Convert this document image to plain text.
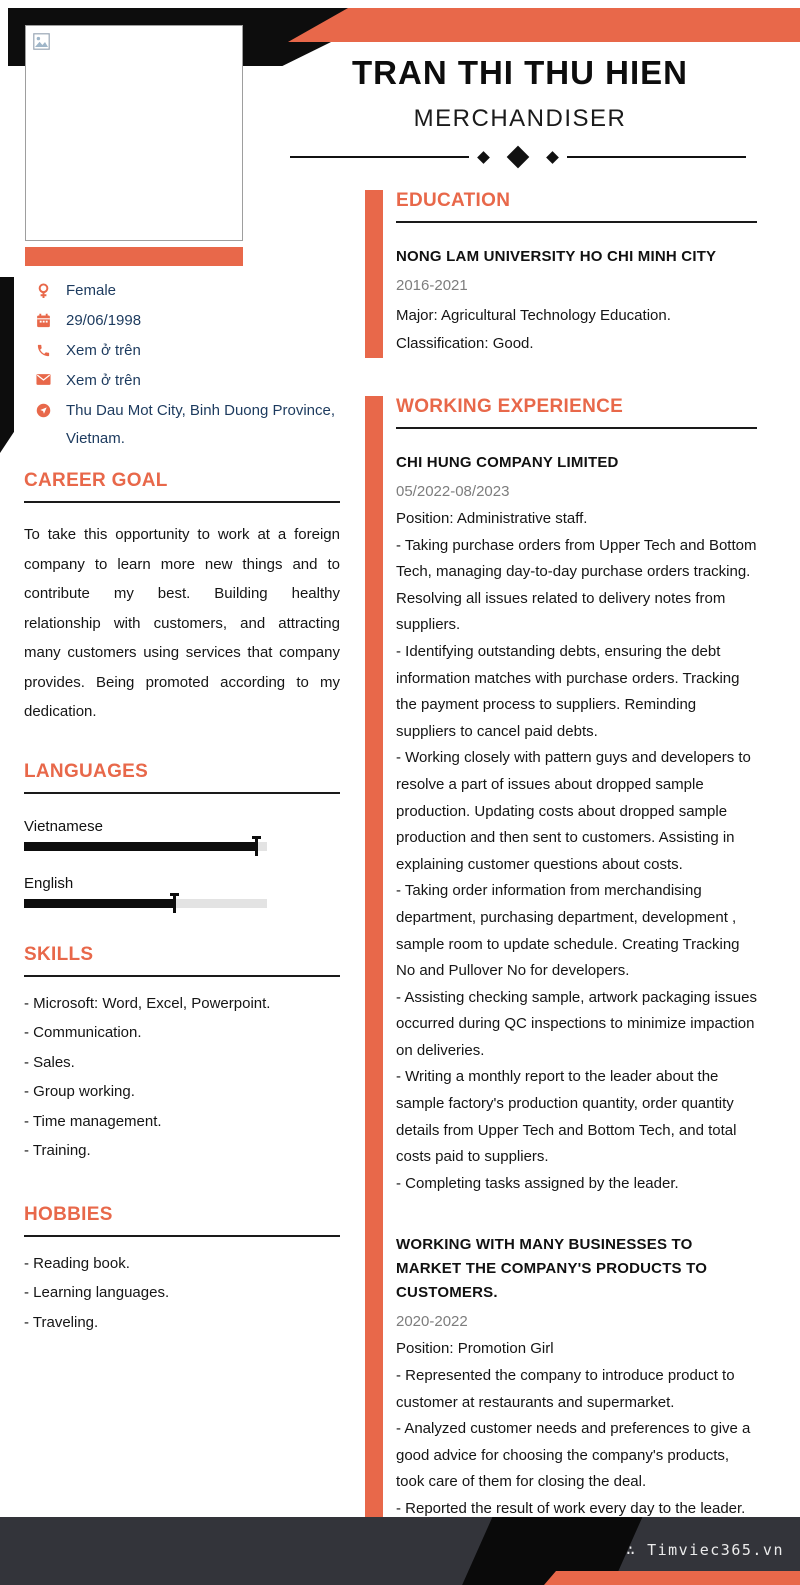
TRAN THI THU HIEN
MERCHANDISER
Female
29/06/1998
Xem ở trên
Xem ở trên
Thu Dau Mot City, Binh Duong Province, Vietnam.
CAREER GOAL
To take this opportunity to work at a foreign company to learn more new things and to contribute my best. Building healthy relationship with customers, and attracting many customers using services that company provides. Being promoted according to my dedication.
LANGUAGES
Vietnamese
English
SKILLS
- Microsoft: Word, Excel, Powerpoint.
- Communication.
- Sales.
- Group working.
- Time management.
- Training.
HOBBIES
- Reading book.
- Learning languages.
- Traveling.
EDUCATION
NONG LAM UNIVERSITY HO CHI MINH CITY
2016-2021
Major: Agricultural Technology Education.
Classification: Good.
WORKING EXPERIENCE
CHI HUNG COMPANY LIMITED
05/2022-08/2023
Position: Administrative staff.
- Taking purchase orders from Upper Tech and Bottom Tech, managing day-to-day purchase orders tracking. Resolving all issues related to delivery notes from suppliers.
- Identifying outstanding debts, ensuring the debt information matches with purchase orders. Tracking the payment process to suppliers. Reminding suppliers to cancel paid debts.
- Working closely with pattern guys and developers to resolve a part of issues about dropped sample production. Updating costs about dropped sample production and then sent to customers. Assisting in explaining customer questions about costs.
- Taking order information from merchandising department, purchasing department, development , sample room to update schedule. Creating Tracking No and Pullover No for developers.
- Assisting checking sample, artwork packaging issues occurred during QC inspections to minimize impaction on deliveries.
- Writing a monthly report to the leader about the sample factory's production quantity, order quantity details from Upper Tech and Bottom Tech, and total costs paid to suppliers.
- Completing tasks assigned by the leader.
WORKING WITH MANY BUSINESSES TO MARKET THE COMPANY'S PRODUCTS TO CUSTOMERS.
2020-2022
Position: Promotion Girl
- Represented the company to introduce product to customer at restaurants and supermarket.
- Analyzed customer needs and preferences to give a good advice for choosing the company's products, took care of them for closing the deal.
- Reported the result of work every day to the leader.
∴ Timviec365.vn
